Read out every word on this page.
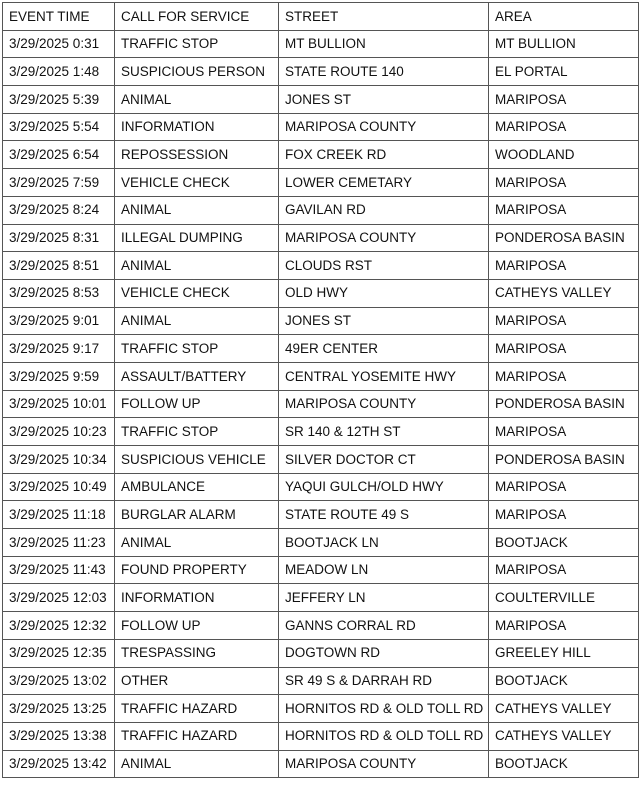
EVENT TIME	CALL FOR SERVICE	STREET	AREA
3/29/2025 0:31	TRAFFIC STOP	MT BULLION	MT BULLION
3/29/2025 1:48	SUSPICIOUS PERSON	STATE ROUTE 140	EL PORTAL
3/29/2025 5:39	ANIMAL	JONES ST	MARIPOSA
3/29/2025 5:54	INFORMATION	MARIPOSA COUNTY	MARIPOSA
3/29/2025 6:54	REPOSSESSION	FOX CREEK RD	WOODLAND
3/29/2025 7:59	VEHICLE CHECK	LOWER CEMETARY	MARIPOSA
3/29/2025 8:24	ANIMAL	GAVILAN RD	MARIPOSA
3/29/2025 8:31	ILLEGAL DUMPING	MARIPOSA COUNTY	PONDEROSA BASIN
3/29/2025 8:51	ANIMAL	CLOUDS RST	MARIPOSA
3/29/2025 8:53	VEHICLE CHECK	OLD HWY	CATHEYS VALLEY
3/29/2025 9:01	ANIMAL	JONES ST	MARIPOSA
3/29/2025 9:17	TRAFFIC STOP	49ER CENTER	MARIPOSA
3/29/2025 9:59	ASSAULT/BATTERY	CENTRAL YOSEMITE HWY	MARIPOSA
3/29/2025 10:01	FOLLOW UP	MARIPOSA COUNTY	PONDEROSA BASIN
3/29/2025 10:23	TRAFFIC STOP	SR 140 & 12TH ST	MARIPOSA
3/29/2025 10:34	SUSPICIOUS VEHICLE	SILVER DOCTOR CT	PONDEROSA BASIN
3/29/2025 10:49	AMBULANCE	YAQUI GULCH/OLD HWY	MARIPOSA
3/29/2025 11:18	BURGLAR ALARM	STATE ROUTE 49 S	MARIPOSA
3/29/2025 11:23	ANIMAL	BOOTJACK LN	BOOTJACK
3/29/2025 11:43	FOUND PROPERTY	MEADOW LN	MARIPOSA
3/29/2025 12:03	INFORMATION	JEFFERY LN	COULTERVILLE
3/29/2025 12:32	FOLLOW UP	GANNS CORRAL RD	MARIPOSA
3/29/2025 12:35	TRESPASSING	DOGTOWN RD	GREELEY HILL
3/29/2025 13:02	OTHER	SR 49 S & DARRAH RD	BOOTJACK
3/29/2025 13:25	TRAFFIC HAZARD	HORNITOS RD & OLD TOLL RD	CATHEYS VALLEY
3/29/2025 13:38	TRAFFIC HAZARD	HORNITOS RD & OLD TOLL RD	CATHEYS VALLEY
3/29/2025 13:42	ANIMAL	MARIPOSA COUNTY	BOOTJACK
